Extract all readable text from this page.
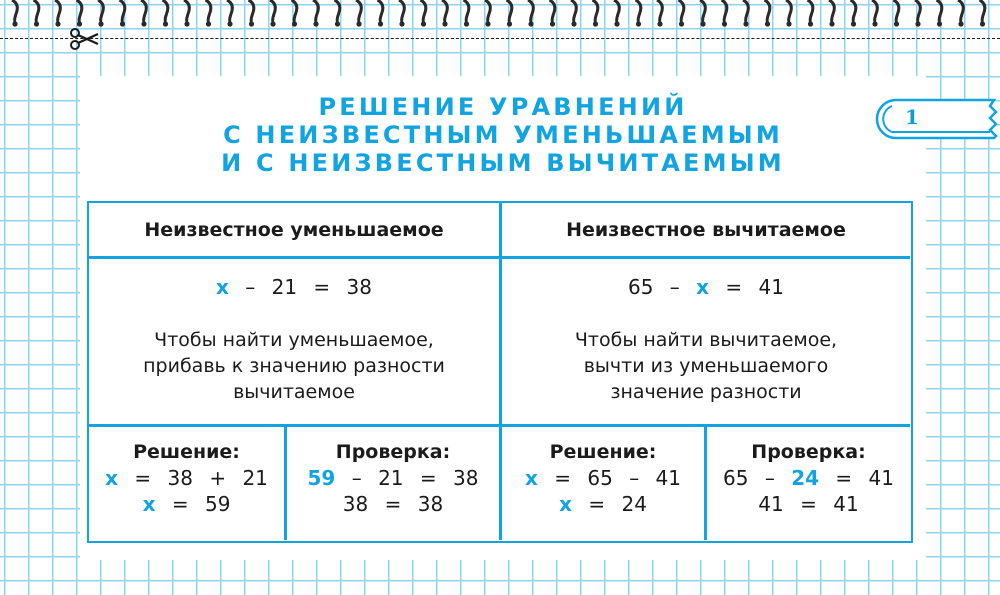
1
РЕШЕНИЕ УРАВНЕНИЙ
С НЕИЗВЕСТНЫМ УМЕНЬШАЕМЫМ
И С НЕИЗВЕСТНЫМ ВЫЧИТАЕМЫМ
Неизвестное уменьшаемое	Неизвестное вычитаемое
x – 21 = 38	65 – x = 41
Чтобы найти уменьшаемое,
прибавь к значению разности
вычитаемое
Чтобы найти вычитаемое,
вычти из уменьшаемого
значение разности
Решение:
x = 38 + 21
x = 59
Проверка:
59 – 21 = 38
38 = 38
Решение:
x = 65 – 41
x = 24
Проверка:
65 – 24 = 41
41 = 41
